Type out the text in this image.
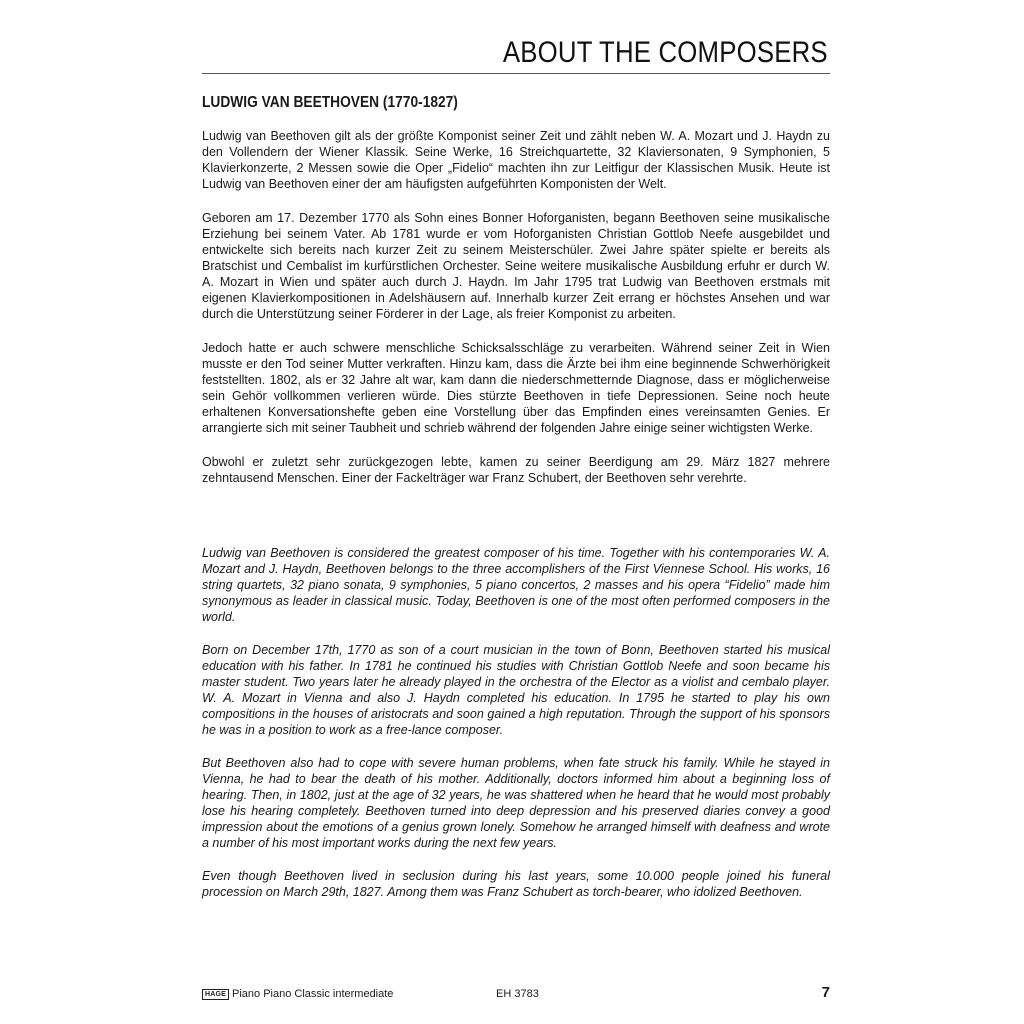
ABOUT THE COMPOSERS
LUDWIG VAN BEETHOVEN (1770-1827)

Ludwig van Beethoven gilt als der größte Komponist seiner Zeit und zählt neben W. A. Mozart und J. Haydn zu den Vollendern der Wiener Klassik. Seine Werke, 16 Streichquartette, 32 Klaviersonaten, 9 Symphonien, 5 Klavierkonzerte, 2 Messen sowie die Oper „Fidelio“ machten ihn zur Leitfigur der Klassischen Musik. Heute ist Ludwig van Beethoven einer der am häufigsten aufgeführten Komponisten der Welt.

Geboren am 17. Dezember 1770 als Sohn eines Bonner Hoforganisten, begann Beethoven seine musikalische Erziehung bei seinem Vater. Ab 1781 wurde er vom Hoforganisten Christian Gottlob Neefe ausgebildet und entwickelte sich bereits nach kurzer Zeit zu seinem Meisterschüler. Zwei Jahre später spielte er bereits als Bratschist und Cembalist im kurfürstlichen Orchester. Seine weitere musikalische Ausbildung erfuhr er durch W. A. Mozart in Wien und später auch durch J. Haydn. Im Jahr 1795 trat Ludwig van Beethoven erstmals mit eigenen Klavierkompositionen in Adelshäusern auf. Innerhalb kurzer Zeit errang er höchstes Ansehen und war durch die Unterstützung seiner Förderer in der Lage, als freier Komponist zu arbeiten.

Jedoch hatte er auch schwere menschliche Schicksalsschläge zu verarbeiten. Während seiner Zeit in Wien musste er den Tod seiner Mutter verkraften. Hinzu kam, dass die Ärzte bei ihm eine beginnende Schwerhörigkeit feststellten. 1802, als er 32 Jahre alt war, kam dann die niederschmetternde Diagnose, dass er möglicherweise sein Gehör vollkommen verlieren würde. Dies stürzte Beethoven in tiefe Depressionen. Seine noch heute erhaltenen Konversationshefte geben eine Vorstellung über das Empfinden eines vereinsamten Genies. Er arrangierte sich mit seiner Taubheit und schrieb während der folgenden Jahre einige seiner wichtigsten Werke.

Obwohl er zuletzt sehr zurückgezogen lebte, kamen zu seiner Beerdigung am 29. März 1827 mehrere zehntausend Menschen. Einer der Fackelträger war Franz Schubert, der Beethoven sehr verehrte.

Ludwig van Beethoven is considered the greatest composer of his time. Together with his contemporaries W. A. Mozart and J. Haydn, Beethoven belongs to the three accomplishers of the First Viennese School. His works, 16 string quartets, 32 piano sonata, 9 symphonies, 5 piano concertos, 2 masses and his opera “Fidelio” made him synonymous as leader in classical music. Today, Beethoven is one of the most often performed composers in the world.

Born on December 17th, 1770 as son of a court musician in the town of Bonn, Beethoven started his musical education with his father. In 1781 he continued his studies with Christian Gottlob Neefe and soon became his master student. Two years later he already played in the orchestra of the Elector as a violist and cembalo player. W. A. Mozart in Vienna and also J. Haydn completed his education. In 1795 he started to play his own compositions in the houses of aristocrats and soon gained a high reputation. Through the support of his sponsors he was in a position to work as a free-lance composer.

But Beethoven also had to cope with severe human problems, when fate struck his family. While he stayed in Vienna, he had to bear the death of his mother. Additionally, doctors informed him about a beginning loss of hearing. Then, in 1802, just at the age of 32 years, he was shattered when he heard that he would most probably lose his hearing completely. Beethoven turned into deep depression and his preserved diaries convey a good impression about the emotions of a genius grown lonely. Somehow he arranged himself with deafness and wrote a number of his most important works during the next few years.

Even though Beethoven lived in seclusion during his last years, some 10.000 people joined his funeral procession on March 29th, 1827. Among them was Franz Schubert as torch-bearer, who idolized Beethoven.

HAGE Piano Piano Classic intermediate	EH 3783	7
